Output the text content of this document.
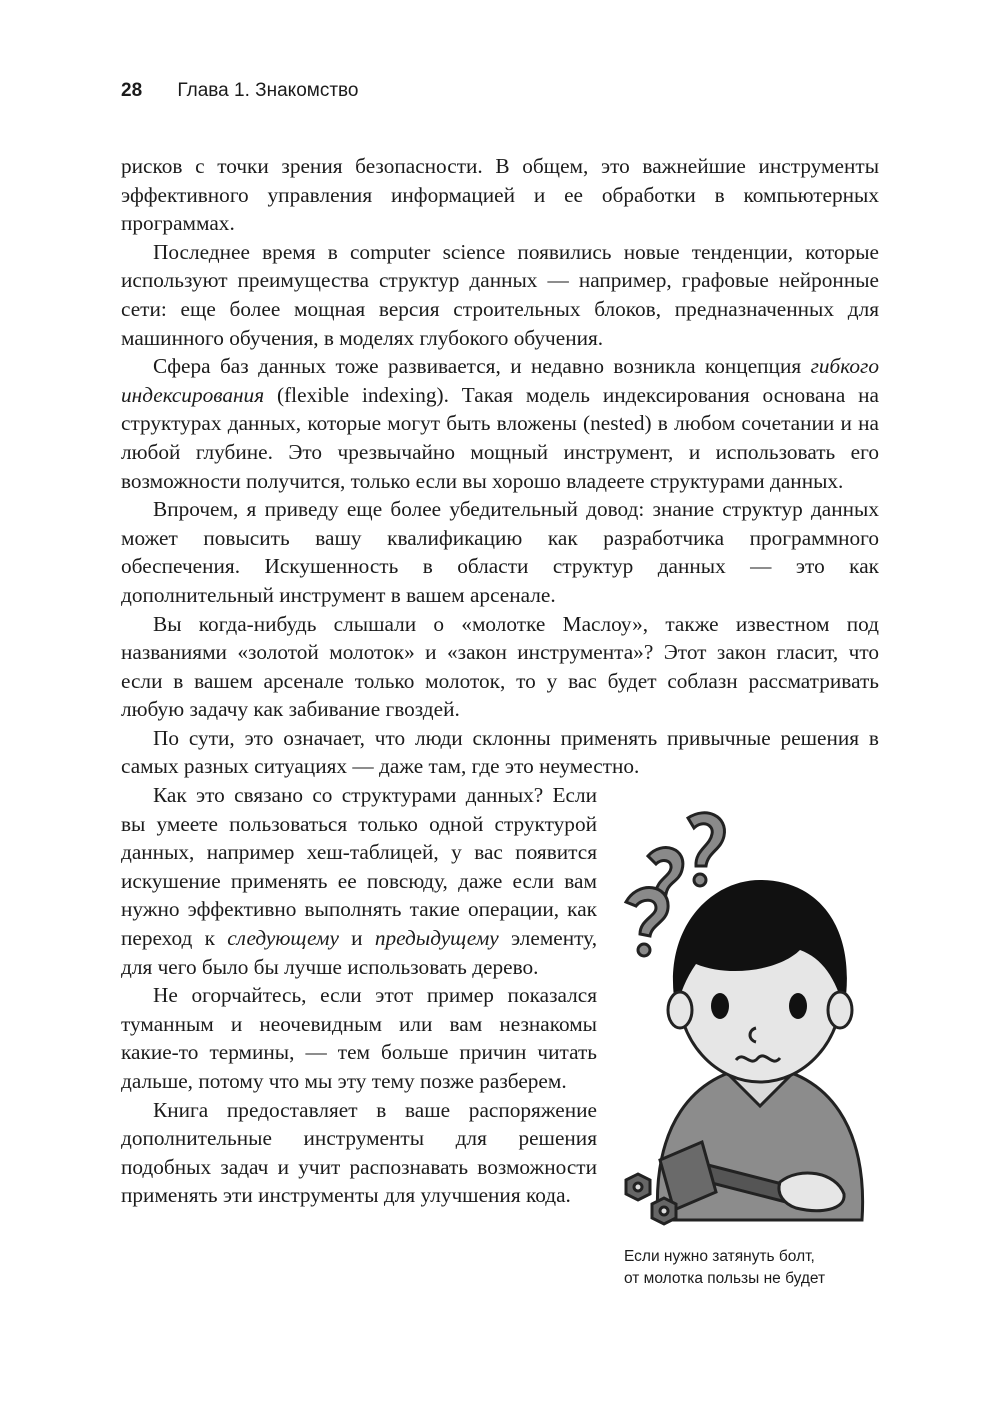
28 Глава 1. Знакомство

рисков с точки зрения безопасности. В общем, это важнейшие инструменты эффективного управления информацией и ее обработки в компьютерных программах.

Последнее время в computer science появились новые тенденции, которые используют преимущества структур данных — например, графовые нейронные сети: еще более мощная версия строительных блоков, предназначенных для машинного обучения, в моделях глубокого обучения.

Сфера баз данных тоже развивается, и недавно возникла концепция гибкого индексирования (flexible indexing). Такая модель индексирования основана на структурах данных, которые могут быть вложены (nested) в любом сочетании и на любой глубине. Это чрезвычайно мощный инструмент, и использовать его возможности получится, только если вы хорошо владеете структурами данных.

Впрочем, я приведу еще более убедительный довод: знание структур данных может повысить вашу квалификацию как разработчика программного обеспечения. Искушенность в области структур данных — это как дополнительный инструмент в вашем арсенале.

Вы когда-нибудь слышали о «молотке Маслоу», также известном под названиями «золотой молоток» и «закон инструмента»? Этот закон гласит, что если в вашем арсенале только молоток, то у вас будет соблазн рассматривать любую задачу как забивание гвоздей.

По сути, это означает, что люди склонны применять привычные решения в самых разных ситуациях — даже там, где это неуместно.

Как это связано со структурами данных? Если вы умеете пользоваться только одной структурой данных, например хеш-таблицей, у вас появится искушение применять ее повсюду, даже если вам нужно эффективно выполнять такие операции, как переход к следующему и предыдущему элементу, для чего было бы лучше использовать дерево.

Не огорчайтесь, если этот пример показался туманным и неочевидным или вам незнакомы какие-то термины, — тем больше причин читать дальше, потому что мы эту тему позже разберем.

Книга предоставляет в ваше распоряжение дополнительные инструменты для решения подобных задач и учит распознавать возможности применять эти инструменты для улучшения кода.

Если нужно затянуть болт,
от молотка пользы не будет
